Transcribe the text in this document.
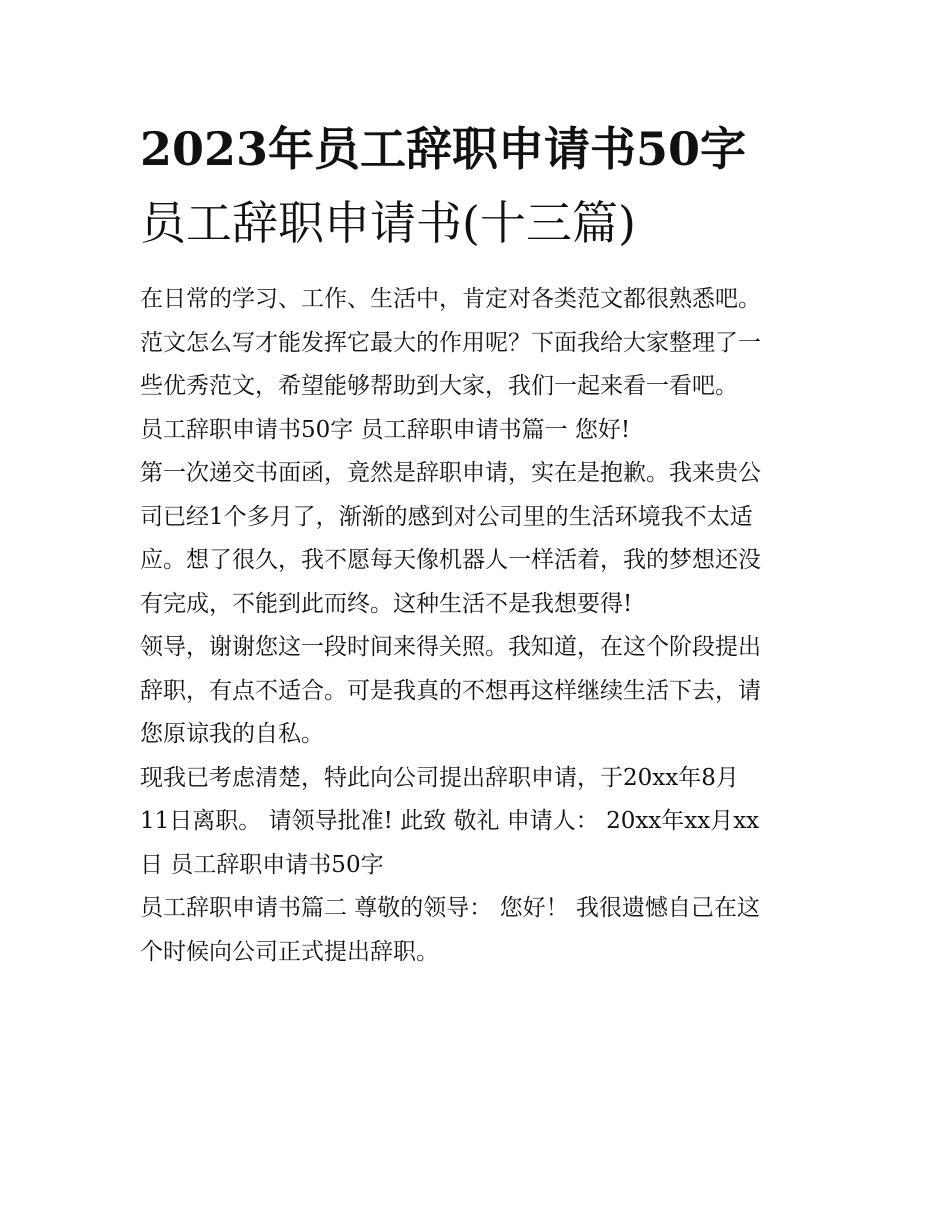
2023年员工辞职申请书50字
员工辞职申请书(十三篇)

在日常的学习、工作、生活中，肯定对各类范文都很熟悉吧。
范文怎么写才能发挥它最大的作用呢？下面我给大家整理了一
些优秀范文，希望能够帮助到大家，我们一起来看一看吧。

员工辞职申请书50字 员工辞职申请书篇一 您好!

第一次递交书面函，竟然是辞职申请，实在是抱歉。我来贵公
司已经1个多月了，渐渐的感到对公司里的生活环境我不太适
应。想了很久，我不愿每天像机器人一样活着，我的梦想还没
有完成，不能到此而终。这种生活不是我想要得!

领导，谢谢您这一段时间来得关照。我知道，在这个阶段提出
辞职，有点不适合。可是我真的不想再这样继续生活下去，请
您原谅我的自私。

现我已考虑清楚，特此向公司提出辞职申请，于20xx年8月
11日离职。 请领导批准! 此致 敬礼 申请人： 20xx年xx月xx
日 员工辞职申请书50字

员工辞职申请书篇二 尊敬的领导： 您好！ 我很遗憾自己在这
个时候向公司正式提出辞职。
